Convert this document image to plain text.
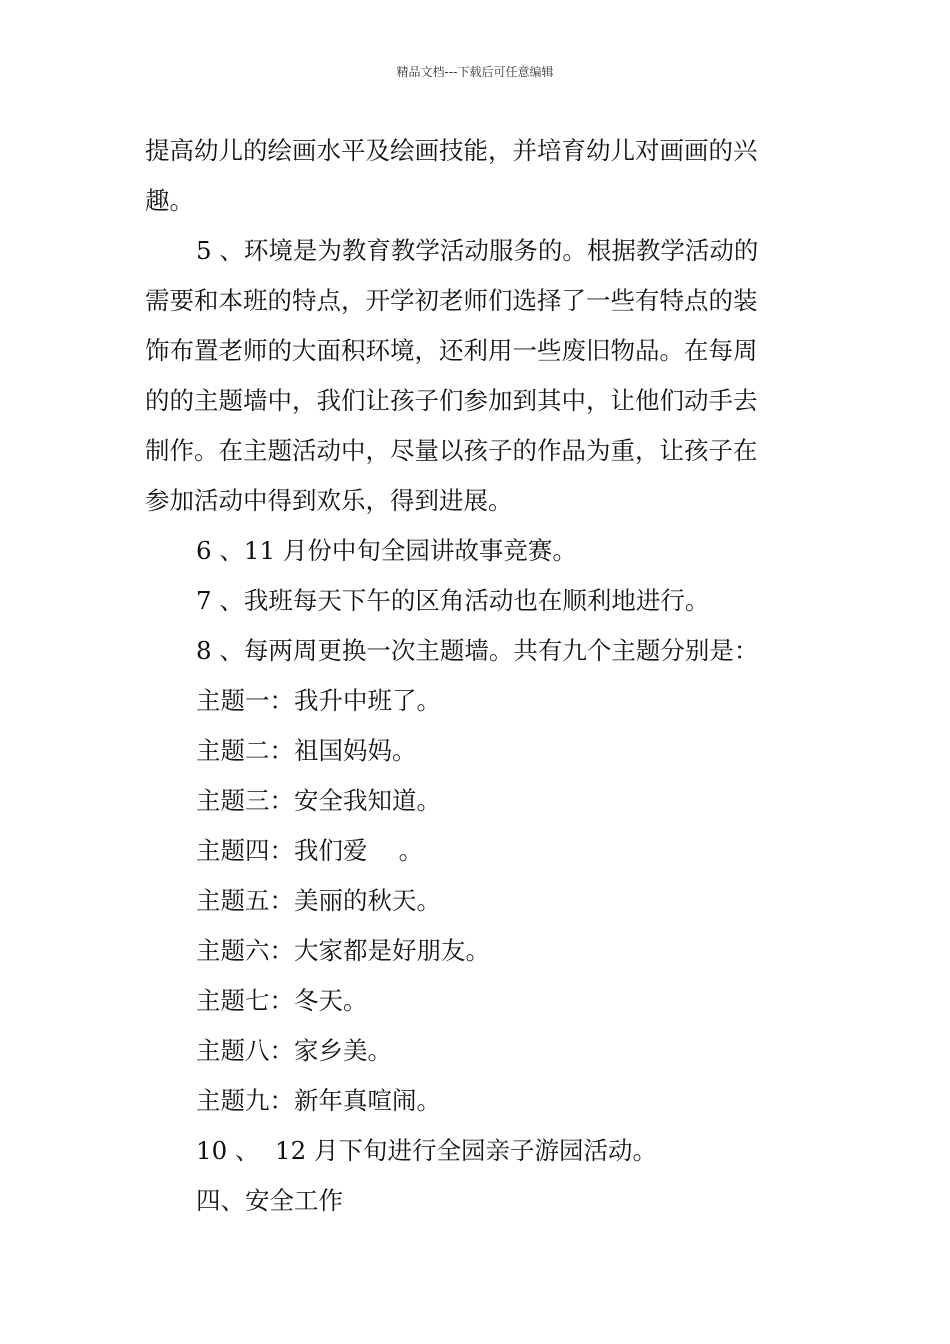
精品文档---下载后可任意编辑

提高幼儿的绘画水平及绘画技能，并培育幼儿对画画的兴

趣。

5 、环境是为教育教学活动服务的。根据教学活动的

需要和本班的特点，开学初老师们选择了一些有特点的装

饰布置老师的大面积环境，还利用一些废旧物品。在每周

的的主题墙中，我们让孩子们参加到其中，让他们动手去

制作。在主题活动中，尽量以孩子的作品为重，让孩子在

参加活动中得到欢乐，得到进展。

6 、11 月份中旬全园讲故事竞赛。

7 、我班每天下午的区角活动也在顺利地进行。

8 、每两周更换一次主题墙。共有九个主题分别是：

主题一：我升中班了。

主题二：祖国妈妈。

主题三：安全我知道。

主题四：我们爱    。

主题五：美丽的秋天。

主题六：大家都是好朋友。

主题七：冬天。

主题八：家乡美。

主题九：新年真喧闹。

10 、  12 月下旬进行全园亲子游园活动。

四、安全工作
